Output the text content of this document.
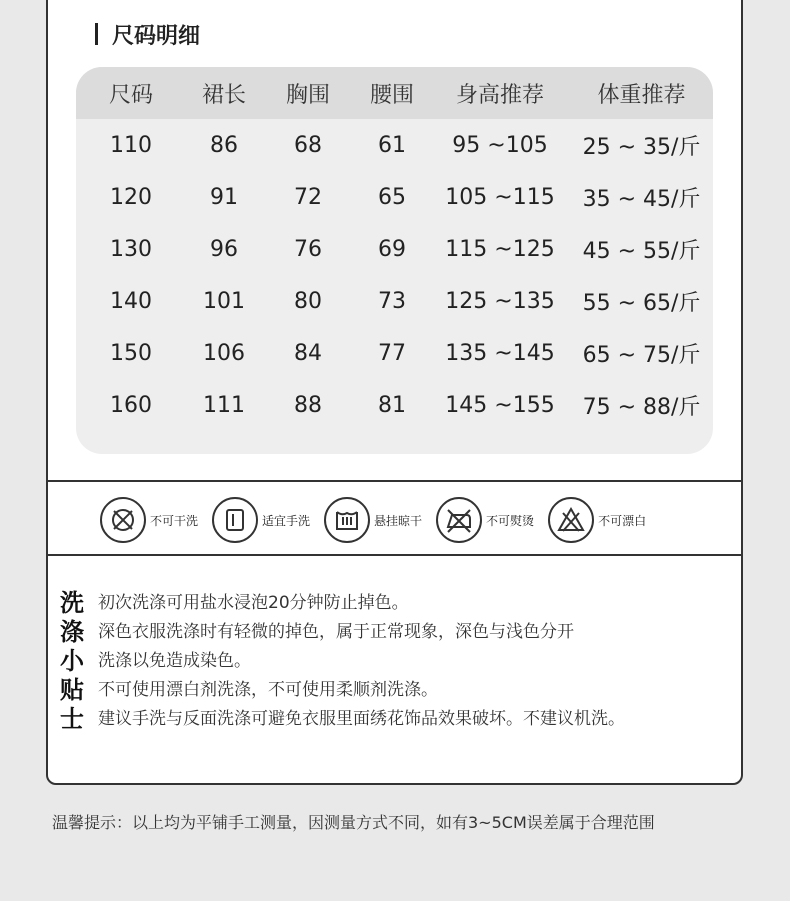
尺码明细
尺码	裙长	胸围	腰围	身高推荐	体重推荐
110	86	68	61	95 ~105	25 ~ 35/斤
120	91	72	65	105 ~115	35 ~ 45/斤
130	96	76	69	115 ~125	45 ~ 55/斤
140	101	80	73	125 ~135	55 ~ 65/斤
150	106	84	77	135 ~145	65 ~ 75/斤
160	111	88	81	145 ~155	75 ~ 88/斤
不可干洗	适宜手洗	悬挂晾干	不可熨烫	不可漂白
洗 初次洗涤可用盐水浸泡20分钟防止掉色。
涤 深色衣服洗涤时有轻微的掉色，属于正常现象，深色与浅色分开
小 洗涤以免造成染色。
贴 不可使用漂白剂洗涤，不可使用柔顺剂洗涤。
士 建议手洗与反面洗涤可避免衣服里面绣花饰品效果破坏。不建议机洗。
温馨提示：以上均为平铺手工测量，因测量方式不同，如有3~5CM误差属于合理范围
